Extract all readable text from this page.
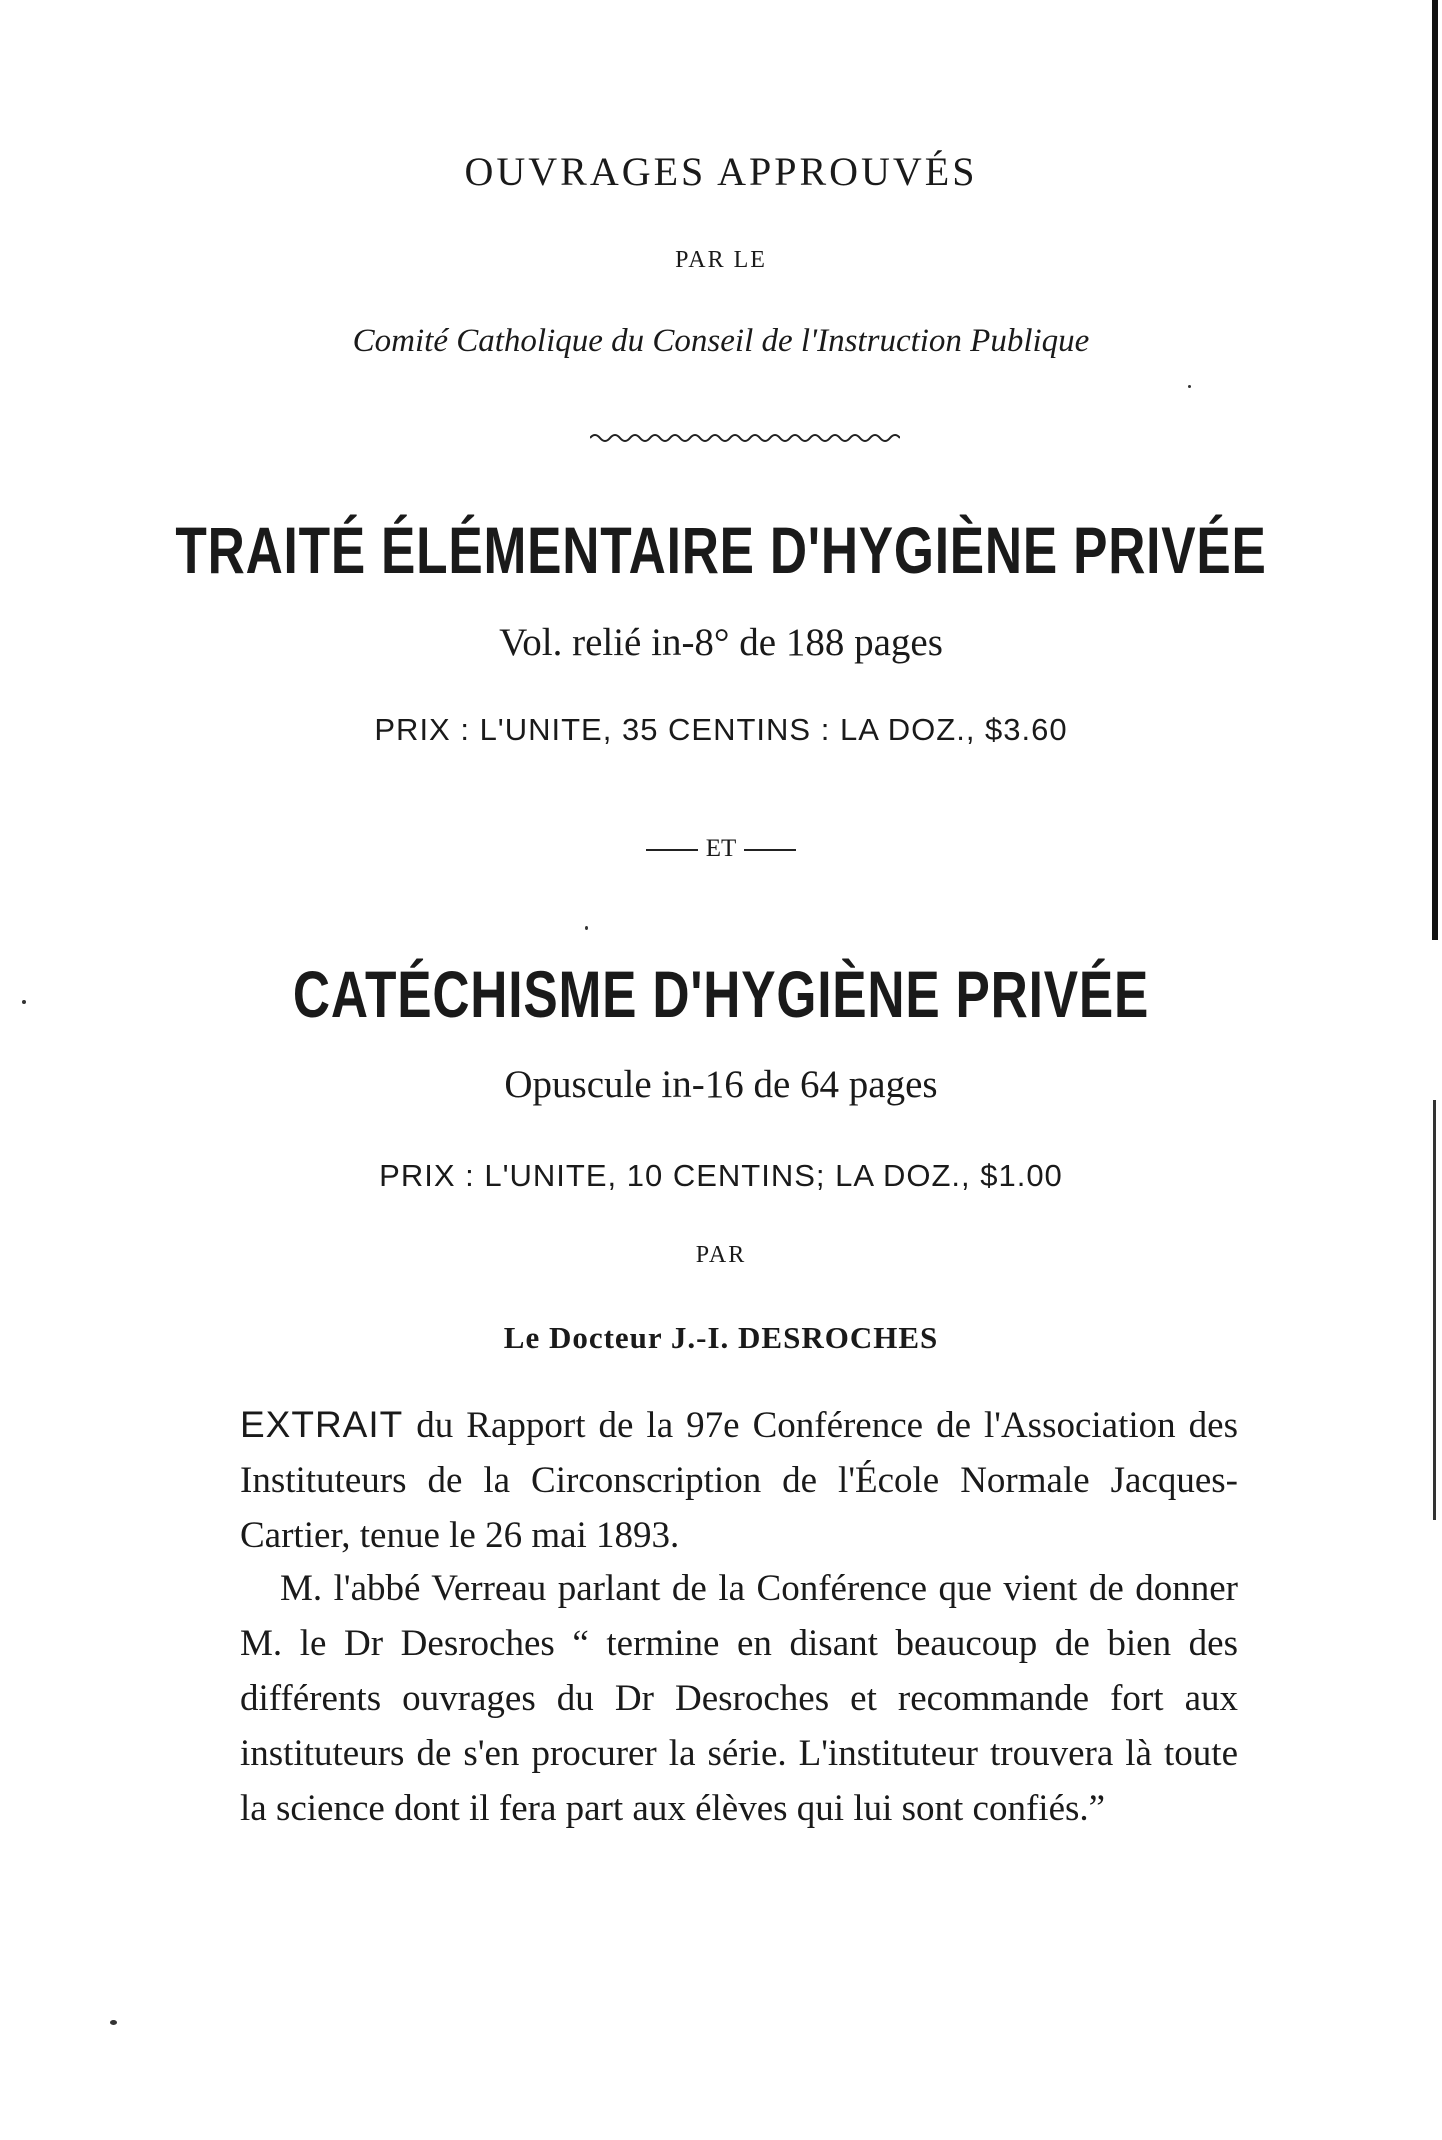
OUVRAGES APPROUVÉS
PAR LE
Comité Catholique du Conseil de l'Instruction Publique
TRAITÉ ÉLÉMENTAIRE D'HYGIÈNE PRIVÉE
Vol. relié in-8° de 188 pages
PRIX : L'UNITE, 35 CENTINS : LA DOZ., $3.60
ET
CATÉCHISME D'HYGIÈNE PRIVÉE
Opuscule in-16 de 64 pages
PRIX : L'UNITE, 10 CENTINS; LA DOZ., $1.00
PAR
Le Docteur J.-I. DESROCHES
EXTRAIT du Rapport de la 97e Conférence de l'Association des Instituteurs de la Circonscription de l'École Normale Jacques-Cartier, tenue le 26 mai 1893.
M. l'abbé Verreau parlant de la Conférence que vient de donner M. le Dr Desroches “ termine en disant beaucoup de bien des différents ouvrages du Dr Desroches et recommande fort aux instituteurs de s'en procurer la série. L'instituteur trouvera là toute la science dont il fera part aux élèves qui lui sont confiés.”
